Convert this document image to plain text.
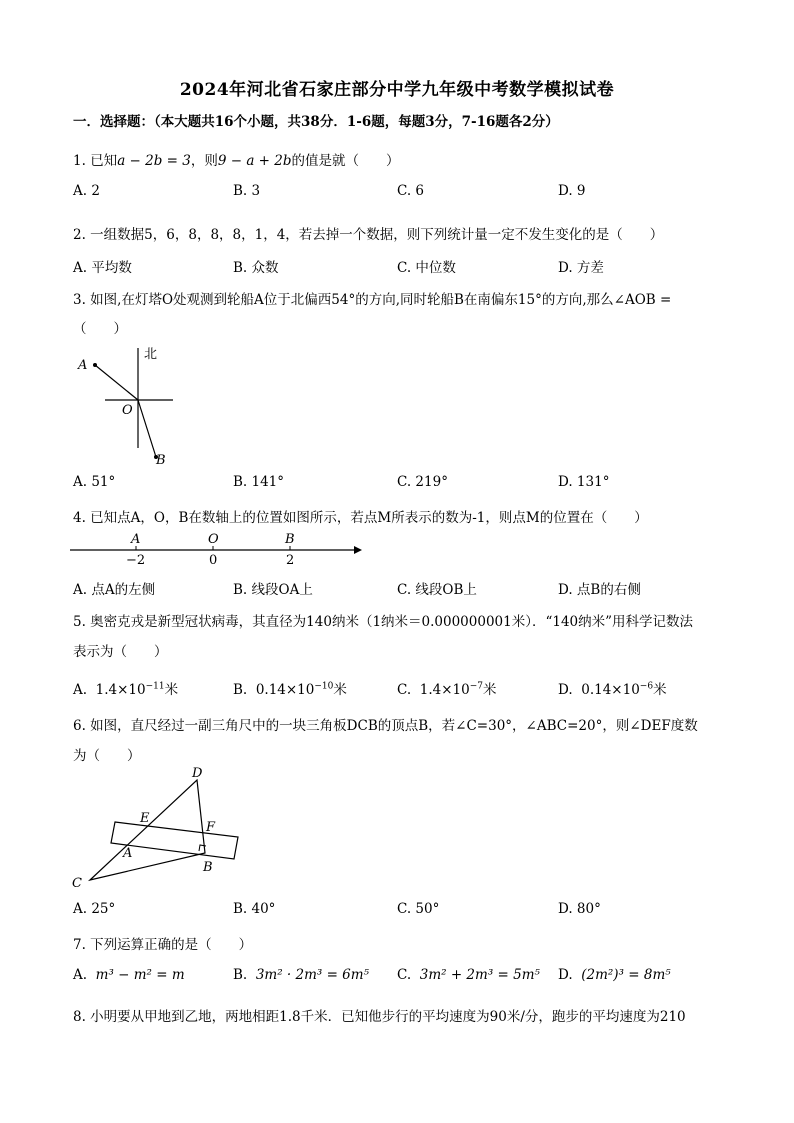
2024年河北省石家庄部分中学九年级中考数学模拟试卷
一．选择题：（本大题共16个小题，共38分．1-6题，每题3分，7-16题各2分）
1. 已知a − 2b = 3，则9 − a + 2b的值是就（　　）
A. 2	B. 3	C. 6	D. 9
2. 一组数据5，6，8，8，8，1，4，若去掉一个数据，则下列统计量一定不发生变化的是（　　）
A. 平均数	B. 众数	C. 中位数	D. 方差
3. 如图,在灯塔O处观测到轮船A位于北偏西54°的方向,同时轮船B在南偏东15°的方向,那么∠AOB =
（　　）
北
A
O
B
A. 51°	B. 141°	C. 219°	D. 131°
4. 已知点A，O，B在数轴上的位置如图所示，若点M所表示的数为-1，则点M的位置在（　　）
A	O	B
−2	0	2
A. 点A的左侧	B. 线段OA上	C. 线段OB上	D. 点B的右侧
5. 奥密克戎是新型冠状病毒，其直径为140纳米（1纳米＝0.000000001米）．“140纳米”用科学记数法
表示为（　　）
A. $1.4\times 10^{-11}$米	B. $0.14\times 10^{-10}$米	C. $1.4\times 10^{-7}$米	D. $0.14\times 10^{-6}$米
6. 如图，直尺经过一副三角尺中的一块三角板DCB的顶点B，若∠C=30°，∠ABC=20°，则∠DEF度数
为（　　）
D
E
F
A
B
C
A. 25°	B. 40°	C. 50°	D. 80°
7. 下列运算正确的是（　　）
A. m³ − m² = m	B. 3m² · 2m³ = 6m⁵ C. 3m² + 2m³ = 5m⁵ D. (2m²)³ = 8m⁵
8. 小明要从甲地到乙地，两地相距1.8千米．已知他步行的平均速度为90米/分，跑步的平均速度为210
